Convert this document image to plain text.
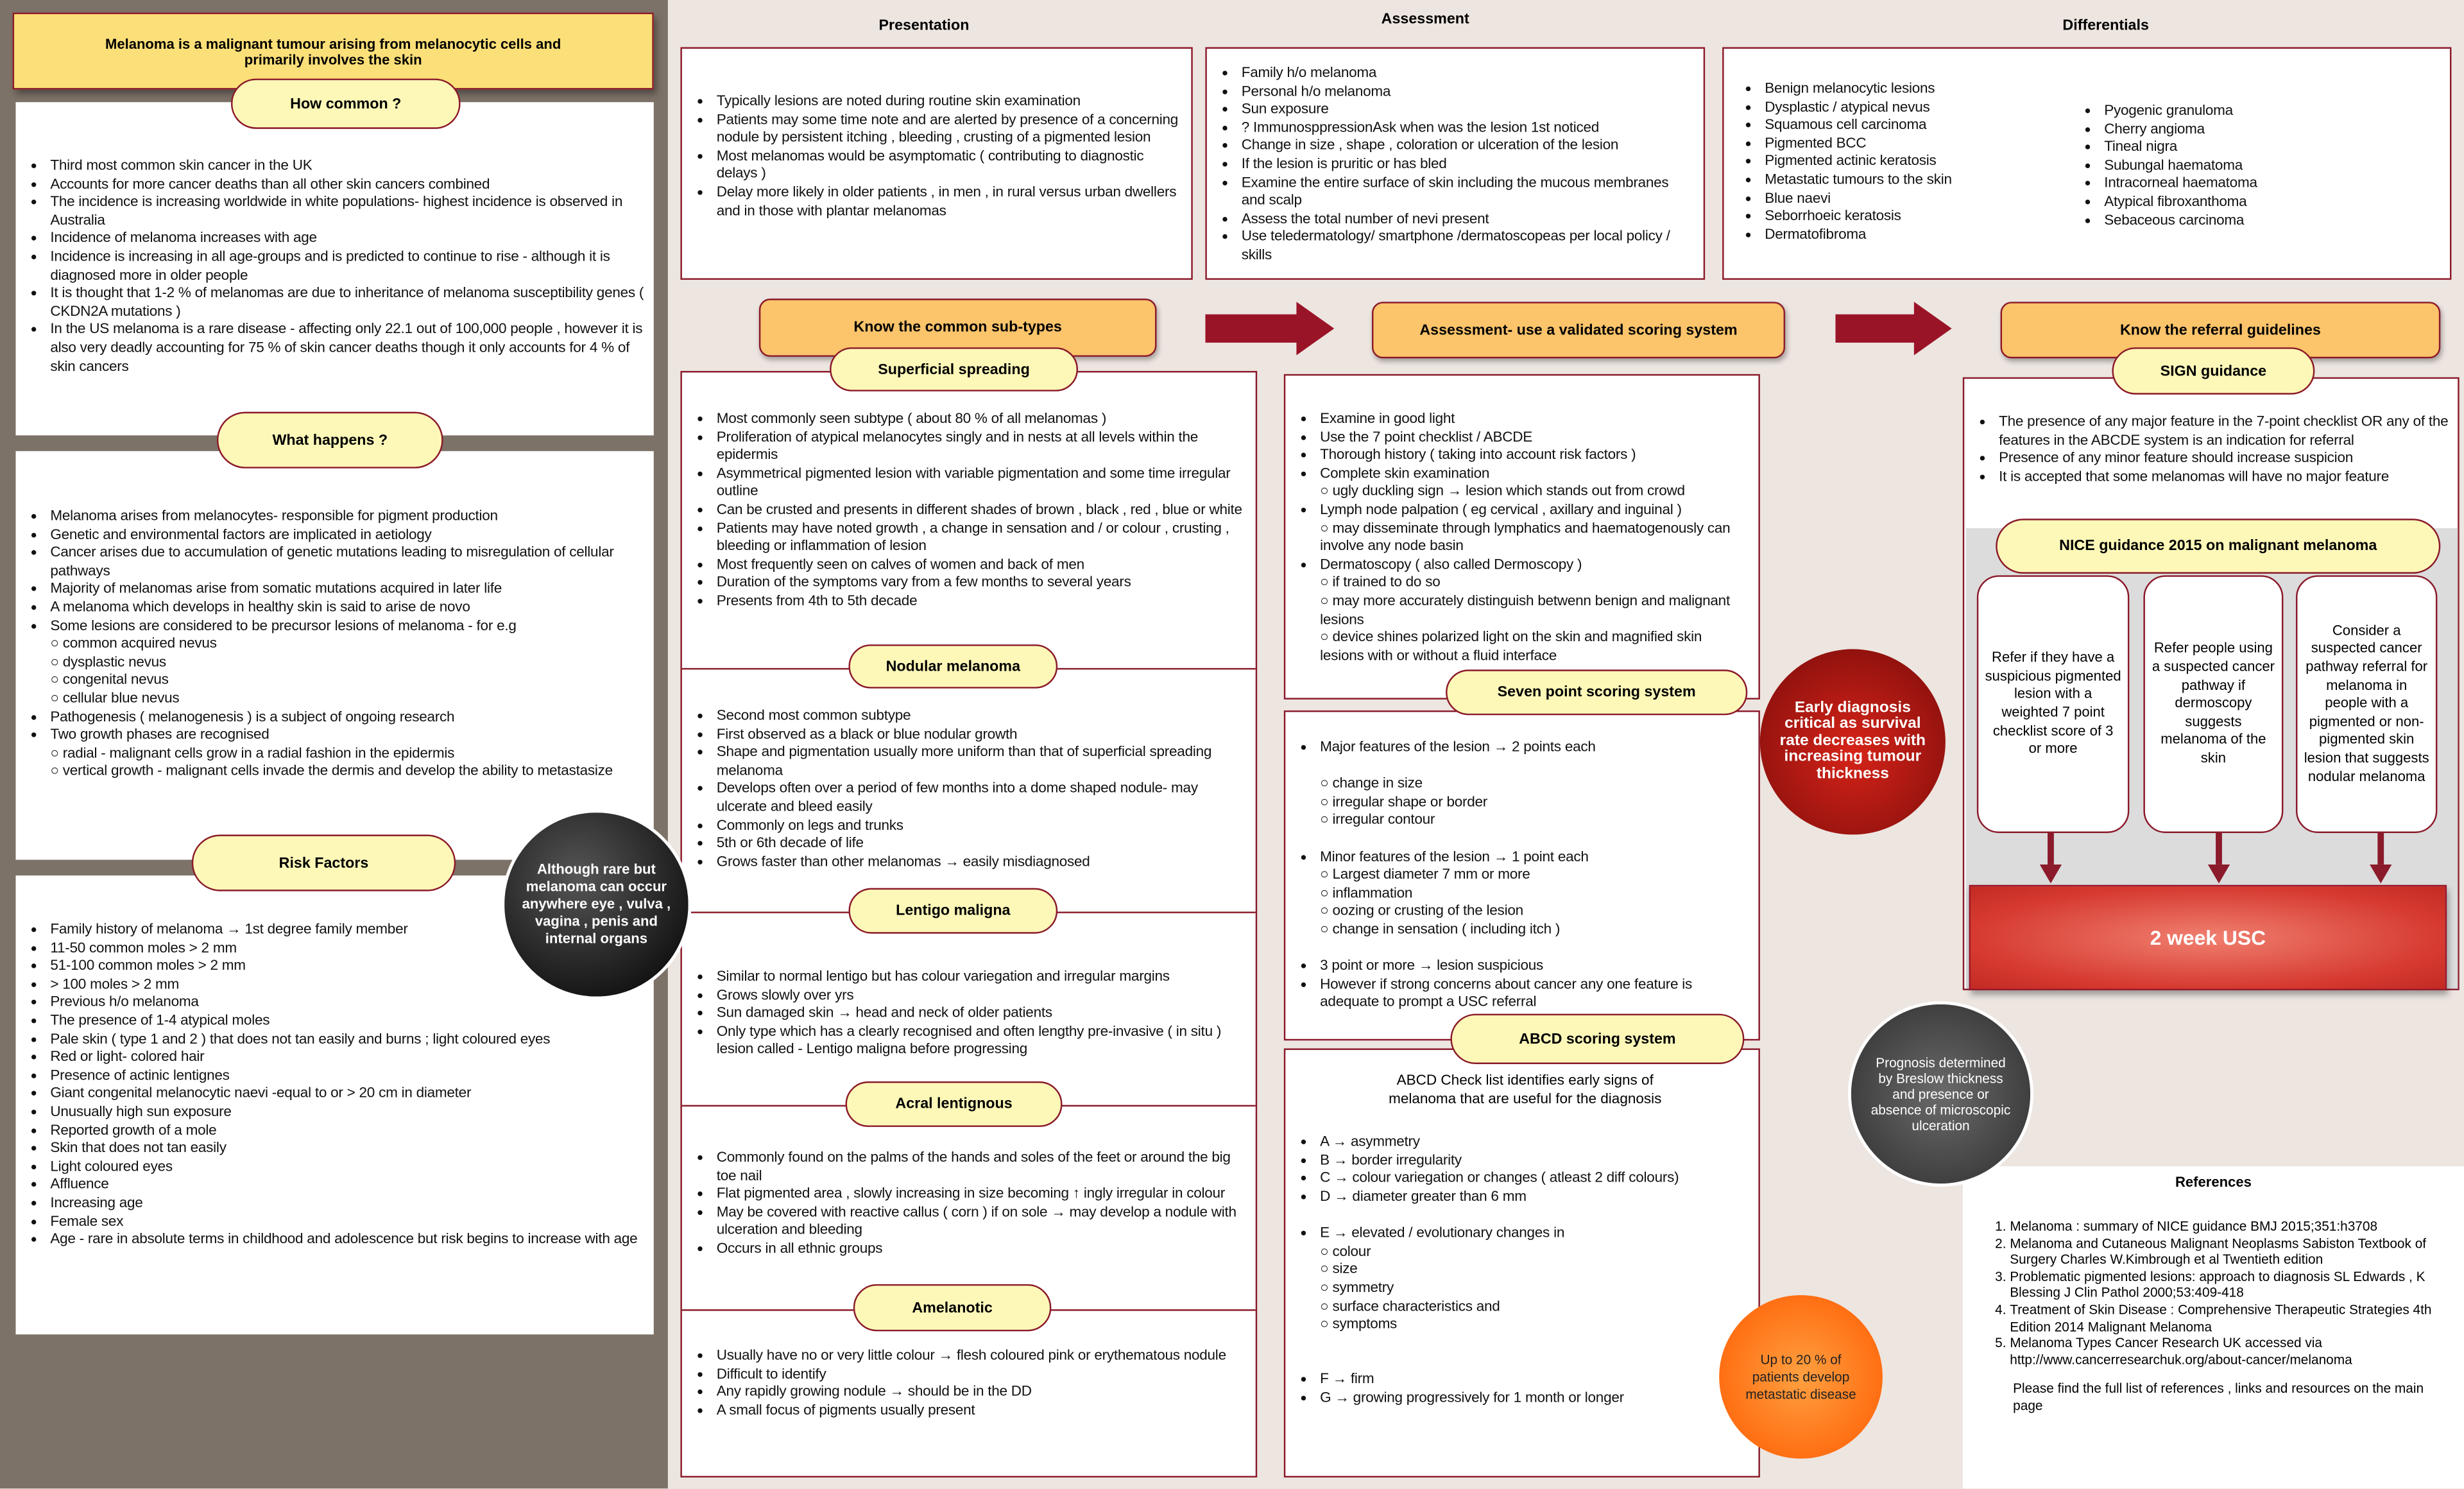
Melanoma is a malignant tumour arising from melanocytic cells and primarily involves the skin
• Third most common skin cancer in the UK
• Accounts for more cancer deaths than all other skin cancers combined
• The incidence is increasing worldwide in white populations- highest incidence is observed in Australia
• Incidence of melanoma increases with age
• Incidence is increasing in all age-groups and is predicted to continue to rise - although it is diagnosed more in older people
• It is thought that 1-2 % of melanomas are due to inheritance of melanoma susceptibility genes ( CKDN2A mutations )
• In the US melanoma is a rare disease - affecting only 22.1 out of 100,000 people , however it is also very deadly accounting for 75 % of skin cancer deaths though it only accounts for 4 % of skin cancers
How common ?
• Melanoma arises from melanocytes- responsible for pigment production
• Genetic and environmental factors are implicated in aetiology
• Cancer arises due to accumulation of genetic mutations leading to misregulation of cellular pathways
• Majority of melanomas arise from somatic mutations acquired in later life
• A melanoma which develops in healthy skin is said to arise de novo
• Some lesions are considered to be precursor lesions of melanoma - for e.g
○ common acquired nevus
○ dysplastic nevus
○ congenital nevus
○ cellular blue nevus
• Pathogenesis ( melanogenesis ) is a subject of ongoing research
• Two growth phases are recognised
○ radial - malignant cells grow in a radial fashion in the epidermis
○ vertical growth - malignant cells invade the dermis and develop the ability to metastasize
What happens ?
• Family history of melanoma → 1st degree family member
• 11-50 common moles > 2 mm
• 51-100 common moles > 2 mm
• > 100 moles > 2 mm
• Previous h/o melanoma
• The presence of 1-4 atypical moles
• Pale skin ( type 1 and 2 ) that does not tan easily and burns ; light coloured eyes
• Red or light- colored hair
• Presence of actinic lentignes
• Giant congenital melanocytic naevi -equal to or > 20 cm in diameter
• Unusually high sun exposure
• Reported growth of a mole
• Skin that does not tan easily
• Light coloured eyes
• Affluence
• Increasing age
• Female sex
• Age - rare in absolute terms in childhood and adolescence but risk begins to increase with age
Risk Factors	Although rare but melanoma can occur anywhere eye , vulva , vagina , penis and internal organs
Presentation
• Typically lesions are noted during routine skin examination
• Patients may some time note and are alerted by presence of a concerning nodule by persistent itching , bleeding , crusting of a pigmented lesion
• Most melanomas would be asymptomatic ( contributing to diagnostic delays )
• Delay more likely in older patients , in men , in rural versus urban dwellers and in those with plantar melanomas
Assessment
• Family h/o melanoma
• Personal h/o melanoma
• Sun exposure
• ? ImmunosppressionAsk when was the lesion 1st noticed
• Change in size , shape , coloration or ulceration of the lesion
• If the lesion is pruritic or has bled
• Examine the entire surface of skin including the mucous membranes and scalp
• Assess the total number of nevi present
• Use teledermatology/ smartphone /dermatoscopeas per local policy / skills
Differentials
• Benign melanocytic lesions
• Dysplastic / atypical nevus
• Squamous cell carcinoma
• Pigmented BCC
• Pigmented actinic keratosis
• Metastatic tumours to the skin
• Blue naevi
• Seborrhoeic keratosis
• Dermatofibroma
• Pyogenic granuloma
• Cherry angioma
• Tineal nigra
• Subungal haematoma
• Intracorneal haematoma
• Atypical fibroxanthoma
• Sebaceous carcinoma
Know the common sub-types	Assessment- use a validated scoring system	Know the referral guidelines
• Most commonly seen subtype ( about 80 % of all melanomas )
• Proliferation of atypical melanocytes singly and in nests at all levels within the epidermis
• Asymmetrical pigmented lesion with variable pigmentation and some time irregular outline
• Can be crusted and presents in different shades of brown , black , red , blue or white
• Patients may have noted growth , a change in sensation and / or colour , crusting , bleeding or inflammation of lesion
• Most frequently seen on calves of women and back of men
• Duration of the symptoms vary from a few months to several years
• Presents from 4th to 5th decade
• Second most common subtype
• First observed as a black or blue nodular growth
• Shape and pigmentation usually more uniform than that of superficial spreading melanoma
• Develops often over a period of few months into a dome shaped nodule- may ulcerate and bleed easily
• Commonly on legs and trunks
• 5th or 6th decade of life
• Grows faster than other melanomas → easily misdiagnosed
• Similar to normal lentigo but has colour variegation and irregular margins
• Grows slowly over yrs
• Sun damaged skin → head and neck of older patients
• Only type which has a clearly recognised and often lengthy pre-invasive ( in situ ) lesion called - Lentigo maligna before progressing
• Commonly found on the palms of the hands and soles of the feet or around the big toe nail
• Flat pigmented area , slowly increasing in size becoming ↑ ingly irregular in colour
• May be covered with reactive callus ( corn ) if on sole → may develop a nodule with ulceration and bleeding
• Occurs in all ethnic groups
• Usually have no or very little colour → flesh coloured pink or erythematous nodule
• Difficult to identify
• Any rapidly growing nodule → should be in the DD
• A small focus of pigments usually present
Superficial spreading
Nodular melanoma
Lentigo maligna
Acral lentignous
Amelanotic
• Examine in good light
• Use the 7 point checklist / ABCDE
• Thorough history ( taking into account risk factors )
• Complete skin examination
○ ugly duckling sign → lesion which stands out from crowd
• Lymph node palpation ( eg cervical , axillary and inguinal )
○ may disseminate through lymphatics and haematogenously can involve any node basin
• Dermatoscopy ( also called Dermoscopy )
○ if trained to do so
○ may more accurately distinguish betwenn benign and malignant lesions
○ device shines polarized light on the skin and magnified skin lesions with or without a fluid interface
• Major features of the lesion → 2 points each
○ change in size
○ irregular shape or border
○ irregular contour
• Minor features of the lesion → 1 point each
○ Largest diameter 7 mm or more
○ inflammation
○ oozing or crusting of the lesion
○ change in sensation ( including itch )
• 3 point or more → lesion suspicious
• However if strong concerns about cancer any one feature is adequate to prompt a USC referral
Seven point scoring system
ABCD Check list identifies early signs of melanoma that are useful for the diagnosis
• A → asymmetry
• B → border irregularity
• C → colour variegation or changes ( atleast 2 diff colours)
• D → diameter greater than 6 mm
• E → elevated / evolutionary changes in
○ colour
○ size
○ symmetry
○ surface characteristics and
○ symptoms
• F → firm
• G → growing progressively for 1 month or longer
ABCD scoring system
Early diagnosis critical as survival rate decreases with increasing tumour thickness
Prognosis determined by Breslow thickness and presence or absence of microscopic ulceration
Up to 20 % of patients develop metastatic disease
• The presence of any major feature in the 7-point checklist OR any of the features in the ABCDE system is an indication for referral
• Presence of any minor feature should increase suspicion
• It is accepted that some melanomas will have no major feature
SIGN guidance
NICE guidance 2015 on malignant melanoma
Refer if they have a suspicious pigmented lesion with a weighted 7 point checklist score of 3 or more
Refer people using a suspected cancer pathway if dermoscopy suggests melanoma of the skin
Consider a suspected cancer pathway referral for melanoma in people with a pigmented or non-pigmented skin lesion that suggests nodular melanoma
2 week USC
References
1. Melanoma : summary of NICE guidance BMJ 2015;351:h3708
2. Melanoma and Cutaneous Malignant Neoplasms Sabiston Textbook of Surgery Charles W.Kimbrough et al Twentieth edition
3. Problematic pigmented lesions: approach to diagnosis SL Edwards , K Blessing J Clin Pathol 2000;53:409-418
4. Treatment of Skin Disease : Comprehensive Therapeutic Strategies 4th Edition 2014 Malignant Melanoma
5. Melanoma Types Cancer Research UK accessed via http://www.cancerresearchuk.org/about-cancer/melanoma
Please find the full list of references , links and resources on the main page
